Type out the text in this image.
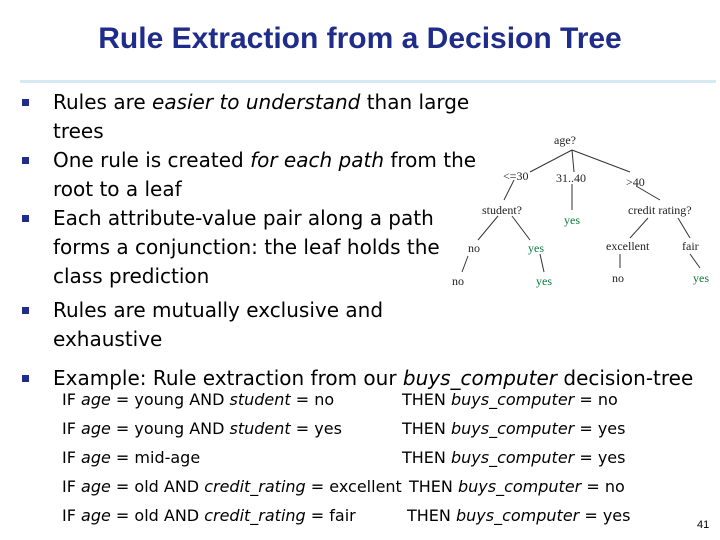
Rule Extraction from a Decision Tree
Rules are easier to understand than large trees
One rule is created for each path from the root to a leaf
Each attribute-value pair along a path forms a conjunction: the leaf holds the class prediction
Rules are mutually exclusive and exhaustive
Example: Rule extraction from our buys_computer decision-tree
age?
<=30 31..40	>40
student?
yes
credit rating?
no	yes	excellent	fair
no	yes	no	yes
IF age = young AND student = no	THEN buys_computer = no
IF age = young AND student = yes	THEN buys_computer = yes
IF age = mid-age	THEN buys_computer = yes
IF age = old AND credit_rating = excellent THEN buys_computer = no
IF age = old AND credit_rating = fair	THEN buys_computer = yes	41
